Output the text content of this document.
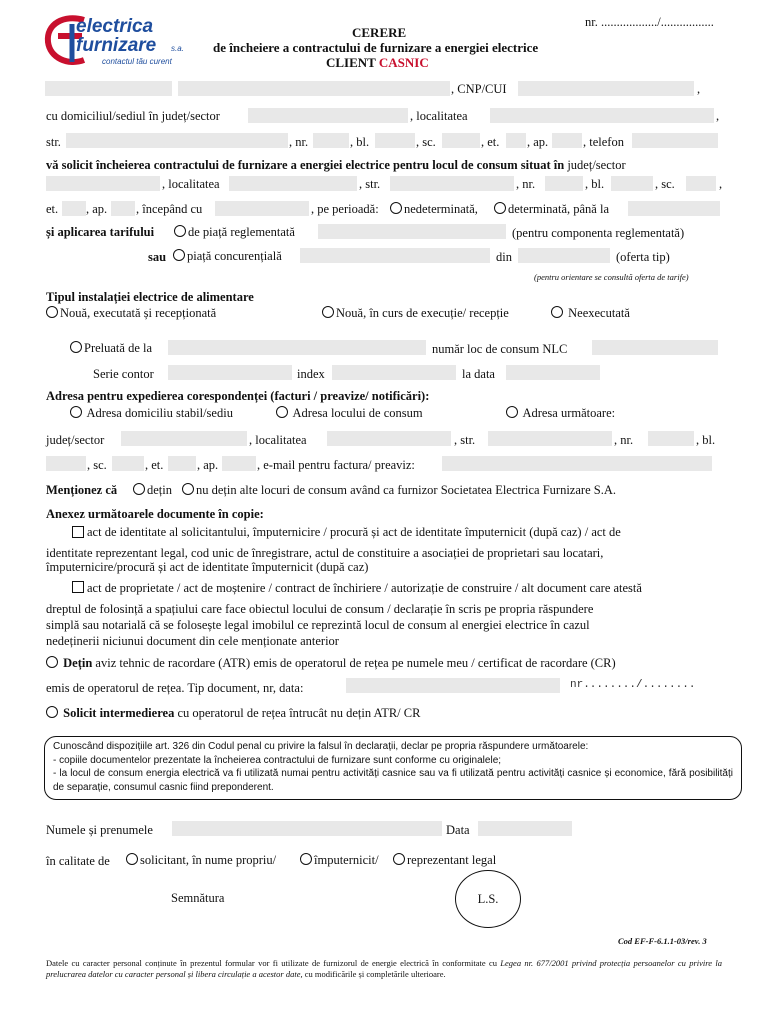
electrica
furnizare s.a.
contactul tău curent
CERERE
de încheiere a contractului de furnizare a energiei electrice
CLIENT CASNIC
nr. ................../.................
, CNP/CUI	,
cu domiciliul/sediul în județ/sector	, localitatea	,
str.	, nr.	, bl.	, sc.	, et. , ap.	, telefon
vă solicit încheierea contractului de furnizare a energiei electrice pentru locul de consum situat în județ/sector
, localitatea	, str.	, nr.	, bl.	, sc.	,
et. , ap. , începând cu	, pe perioadă:	nedeterminată,	determinată, până la
și aplicarea tarifului	de piață reglementată	(pentru componenta reglementată)
sau	piață concurențială	din	(oferta tip)
(pentru orientare se consultă oferta de tarife)
Tipul instalației electrice de alimentare
Nouă, executată și recepționată	Nouă, în curs de execuție/ recepție	Neexecutată
Preluată de la	număr loc de consum NLC
Serie contor	index	la data
Adresa pentru expedierea corespondenței (facturi / preavize/ notificări):
Adresa domiciliu stabil/sediu	Adresa locului de consum	Adresa următoare:
județ/sector	, localitatea	, str.	, nr.	, bl.
, sc.	, et.	, ap.	, e-mail pentru factura/ preaviz:
Menționez că	dețin	nu dețin alte locuri de consum având ca furnizor Societatea Electrica Furnizare S.A.
Anexez următoarele documente în copie:
act de identitate al solicitantului, împuternicire / procură și act de identitate împuternicit (după caz) / act de
identitate reprezentant legal, cod unic de înregistrare, actul de constituire a asociației de proprietari sau locatari,
împuternicire/procură și act de identitate împuternicit (după caz)
act de proprietate / act de moștenire / contract de închiriere / autorizație de construire / alt document care atestă
dreptul de folosință a spațiului care face obiectul locului de consum / declarație în scris pe propria răspundere
simplă sau notarială că se folosește legal imobilul ce reprezintă locul de consum al energiei electrice în cazul
nedeținerii niciunui document din cele menționate anterior
Dețin aviz tehnic de racordare (ATR) emis de operatorul de rețea pe numele meu / certificat de racordare (CR)
emis de operatorul de rețea. Tip document, nr, data:	nr......../........
Solicit intermedierea cu operatorul de rețea întrucât nu dețin ATR/ CR
Cunoscând dispozițiile art. 326 din Codul penal cu privire la falsul în declarații, declar pe propria răspundere următoarele:
- copiile documentelor prezentate la încheierea contractului de furnizare sunt conforme cu originalele;
- la locul de consum energia electrică va fi utilizată numai pentru activități casnice sau va fi utilizată pentru activități casnice și economice, fără posibilități de separație, consumul casnic fiind preponderent.
Numele și prenumele	Data
în calitate de	solicitant, în nume propriu/	împuternicit/	reprezentant legal
Semnătura	L.S.
Cod EF-F-6.1.1-03/rev. 3
Datele cu caracter personal conținute în prezentul formular vor fi utilizate de furnizorul de energie electrică în conformitate cu Legea nr. 677/2001 privind protecția persoanelor cu privire la prelucrarea datelor cu caracter personal și libera circulație a acestor date, cu modificările și completările ulterioare.
